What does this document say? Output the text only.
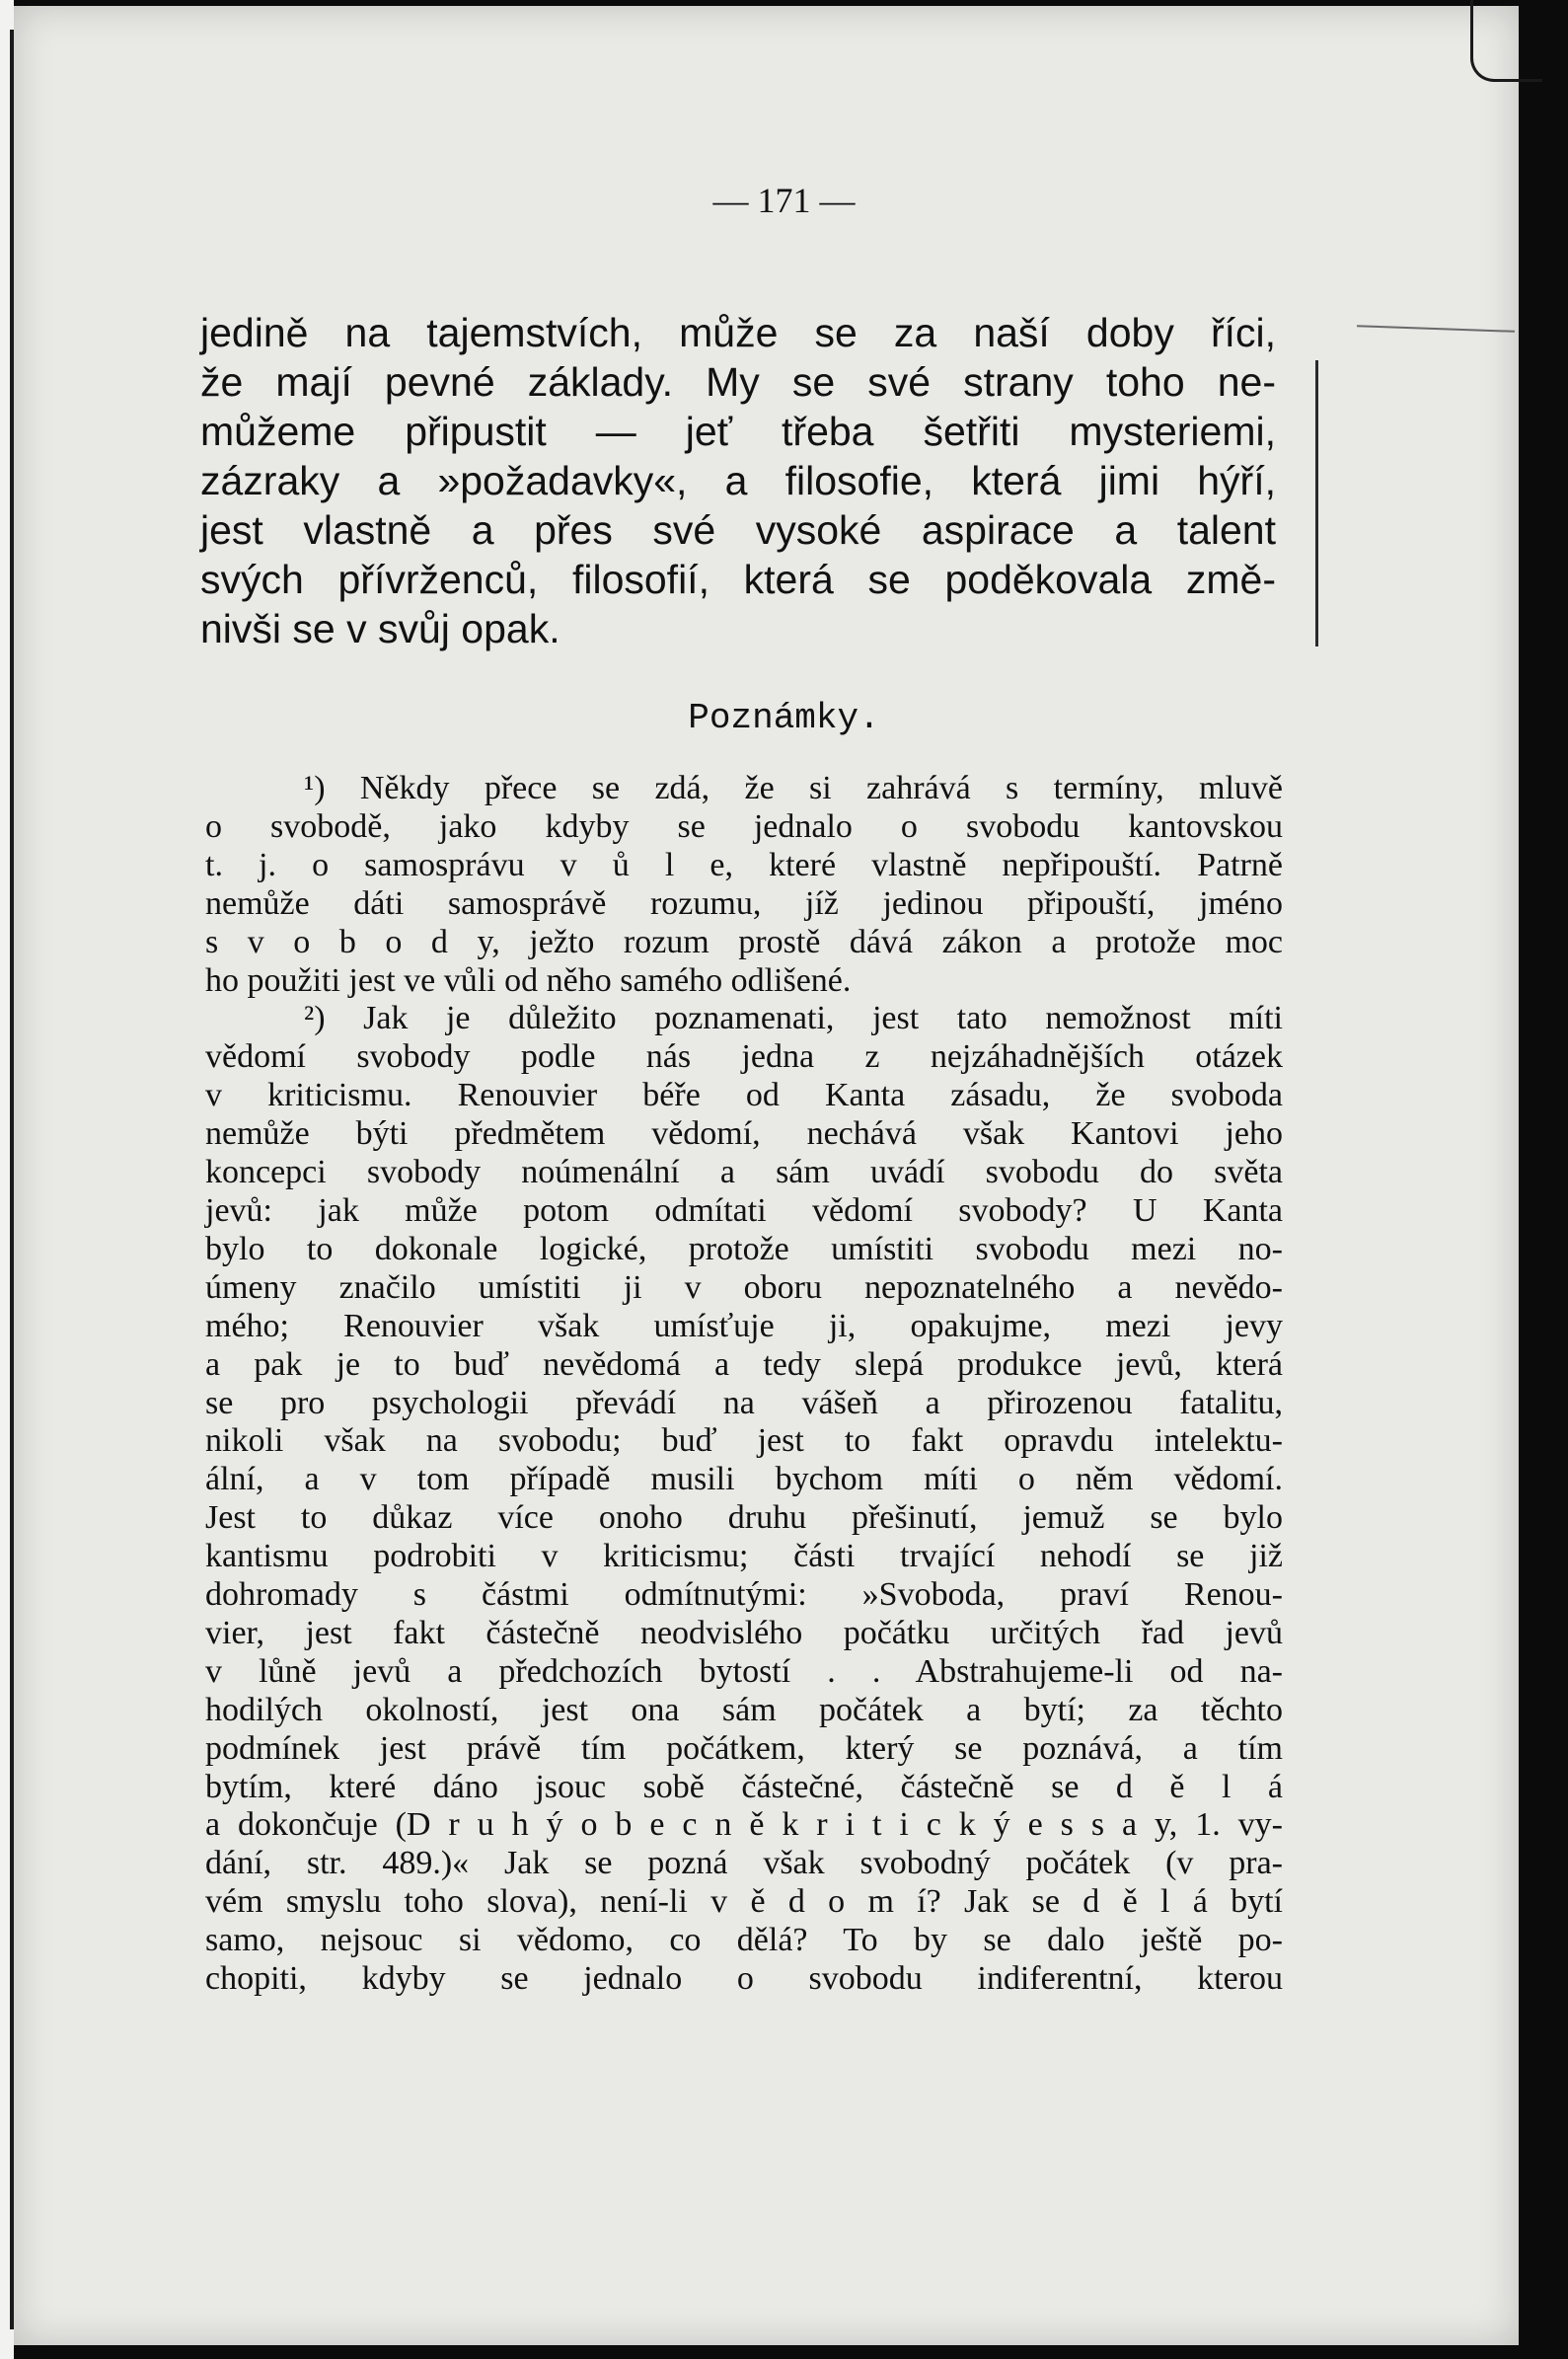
— 171 —
jedině na tajemstvích, může se za naší doby říci,
že mají pevné základy. My se své strany toho ne-
můžeme připustit — jeť třeba šetřiti mysteriemi,
zázraky a »požadavky«, a filosofie, která jimi hýří,
jest vlastně a přes své vysoké aspirace a talent
svých přívrženců, filosofií, která se poděkovala změ-
nivši se v svůj opak.
Poznámky.
¹) Někdy přece se zdá, že si zahrává s termíny, mluvě
o svobodě, jako kdyby se jednalo o svobodu kantovskou
t. j. o samosprávu v ů l e, které vlastně nepřipouští. Patrně
nemůže dáti samosprávě rozumu, jíž jedinou připouští, jméno
s v o b o d y, ježto rozum prostě dává zákon a protože moc
ho použiti jest ve vůli od něho samého odlišené.
²) Jak je důležito poznamenati, jest tato nemožnost míti
vědomí svobody podle nás jedna z nejzáhadnějších otázek
v kriticismu. Renouvier béře od Kanta zásadu, že svoboda
nemůže býti předmětem vědomí, nechává však Kantovi jeho
koncepci svobody noúmenální a sám uvádí svobodu do světa
jevů: jak může potom odmítati vědomí svobody? U Kanta
bylo to dokonale logické, protože umístiti svobodu mezi no-
úmeny značilo umístiti ji v oboru nepoznatelného a nevědo-
mého; Renouvier však umísťuje ji, opakujme, mezi jevy
a pak je to buď nevědomá a tedy slepá produkce jevů, která
se pro psychologii převádí na vášeň a přirozenou fatalitu,
nikoli však na svobodu; buď jest to fakt opravdu intelektu-
ální, a v tom případě musili bychom míti o něm vědomí.
Jest to důkaz více onoho druhu přešinutí, jemuž se bylo
kantismu podrobiti v kriticismu; části trvající nehodí se již
dohromady s částmi odmítnutými: »Svoboda, praví Renou-
vier, jest fakt částečně neodvislého počátku určitých řad jevů
v lůně jevů a předchozích bytostí . . Abstrahujeme-li od na-
hodilých okolností, jest ona sám počátek a bytí; za těchto
podmínek jest právě tím počátkem, který se poznává, a tím
bytím, které dáno jsouc sobě částečné, částečně se d ě l á
a dokončuje (D r u h ý o b e c n ě k r i t i c k ý e s s a y, 1. vy-
dání, str. 489.)« Jak se pozná však svobodný počátek (v pra-
vém smyslu toho slova), není-li v ě d o m í? Jak se d ě l á bytí
samo, nejsouc si vědomo, co dělá? To by se dalo ještě po-
chopiti, kdyby se jednalo o svobodu indiferentní, kterou
